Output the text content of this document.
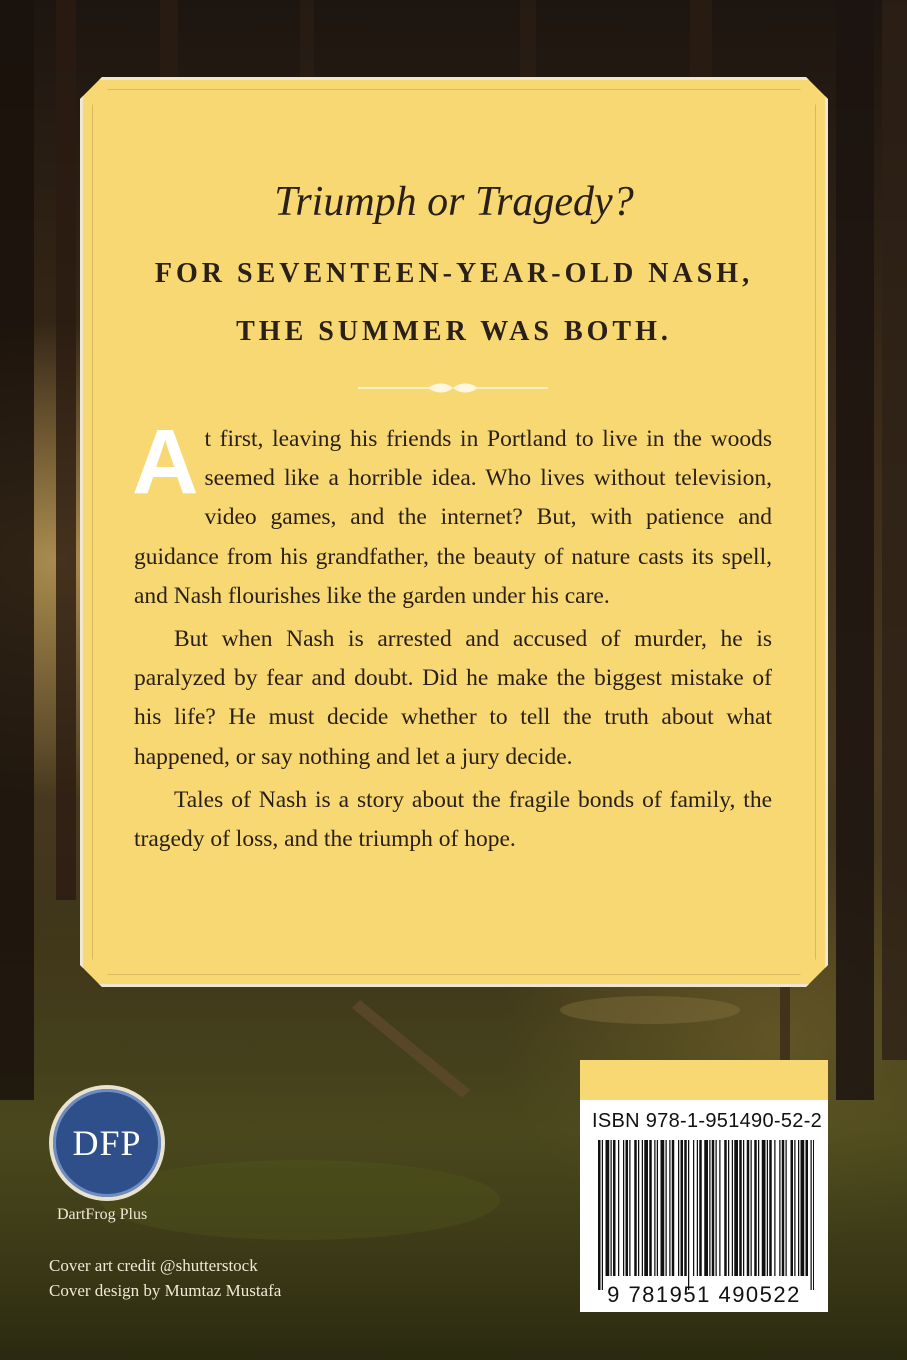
Triumph or Tragedy?

FOR SEVENTEEN-YEAR-OLD NASH,

THE SUMMER WAS BOTH.

At first, leaving his friends in Portland to live in the woods seemed like a horrible idea. Who lives without television, video games, and the internet? But, with patience and guidance from his grandfather, the beauty of nature casts its spell, and Nash flourishes like the garden under his care.

But when Nash is arrested and accused of murder, he is paralyzed by fear and doubt. Did he make the biggest mistake of his life? He must decide whether to tell the truth about what happened, or say nothing and let a jury decide.

Tales of Nash is a story about the fragile bonds of family, the tragedy of loss, and the triumph of hope.

DFP

DartFrog Plus

Cover art credit @shutterstock

Cover design by Mumtaz Mustafa

ISBN 978-1-951490-52-2
9 781951 490522
